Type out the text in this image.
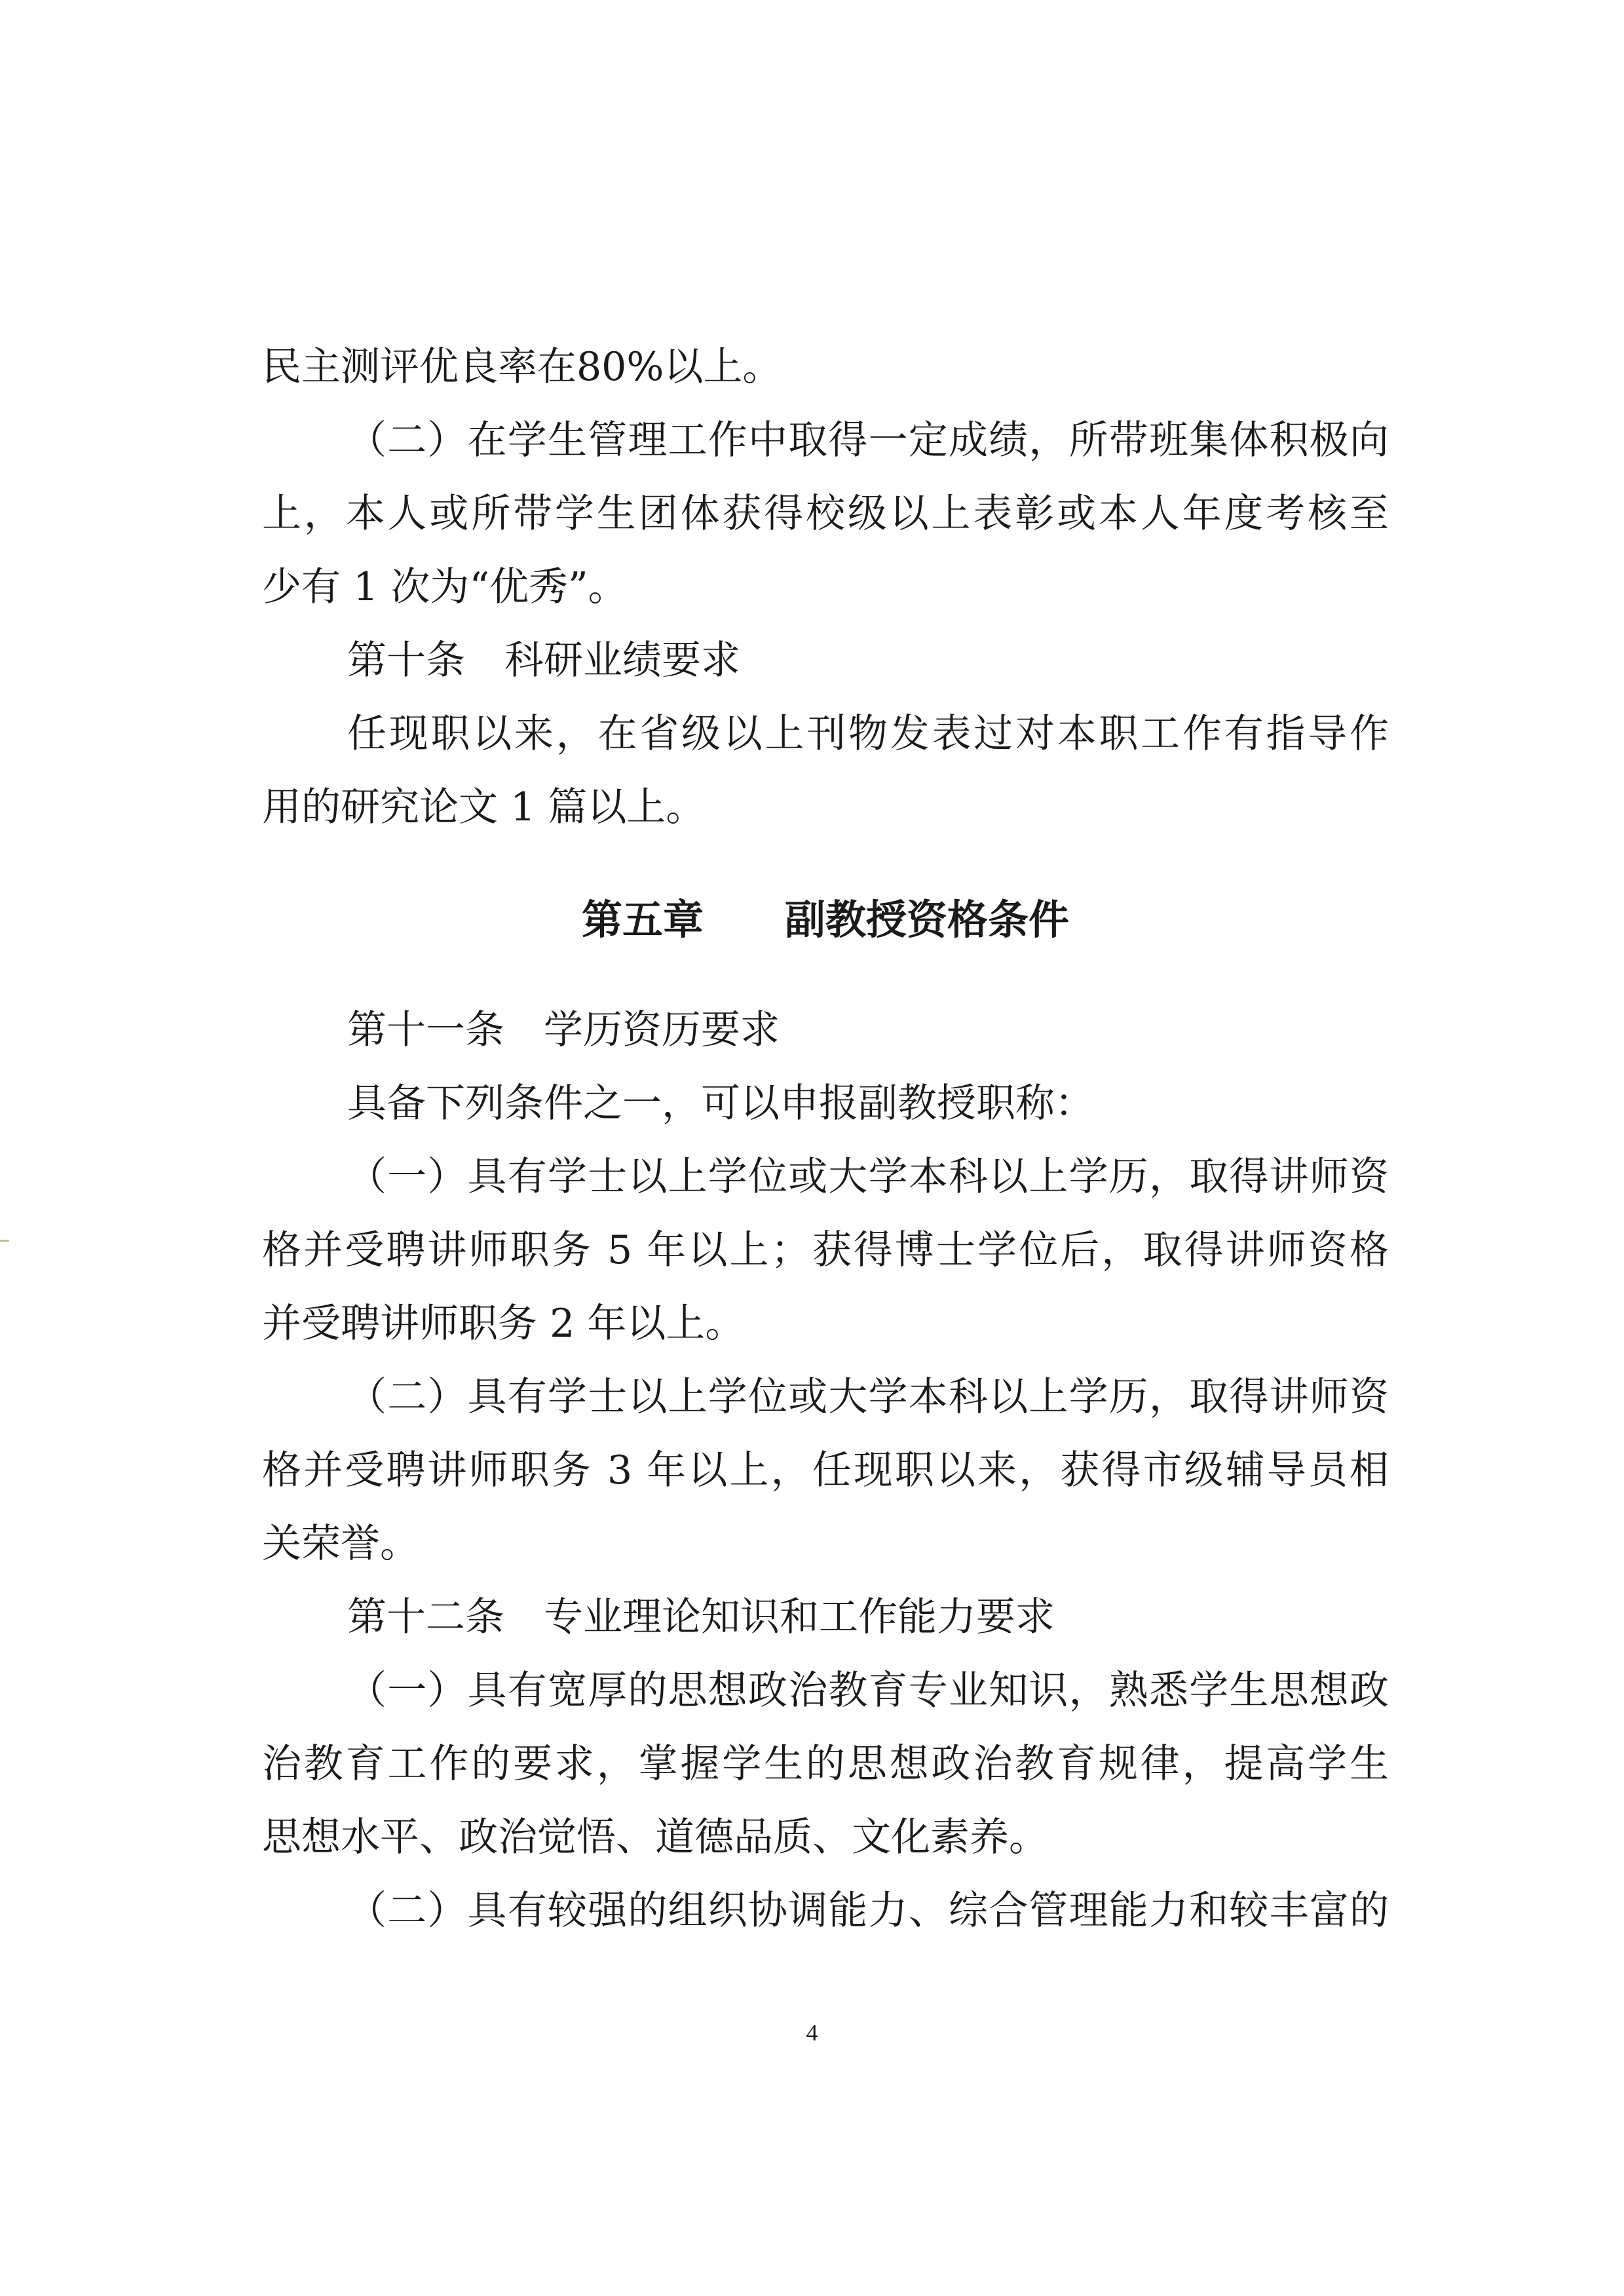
民主测评优良率在80%以上。
（二）在学生管理工作中取得一定成绩，所带班集体积极向
上，本人或所带学生团体获得校级以上表彰或本人年度考核至
少有 1 次为“优秀”。
第十条　科研业绩要求
任现职以来，在省级以上刊物发表过对本职工作有指导作
用的研究论文 1 篇以上。
第五章　　副教授资格条件
第十一条　学历资历要求
具备下列条件之一，可以申报副教授职称：
（一）具有学士以上学位或大学本科以上学历，取得讲师资
格并受聘讲师职务 5 年以上；获得博士学位后，取得讲师资格
并受聘讲师职务 2 年以上。
（二）具有学士以上学位或大学本科以上学历，取得讲师资
格并受聘讲师职务 3 年以上，任现职以来，获得市级辅导员相
关荣誉。
第十二条　专业理论知识和工作能力要求
（一）具有宽厚的思想政治教育专业知识，熟悉学生思想政
治教育工作的要求，掌握学生的思想政治教育规律，提高学生
思想水平、政治觉悟、道德品质、文化素养。
（二）具有较强的组织协调能力、综合管理能力和较丰富的
4
